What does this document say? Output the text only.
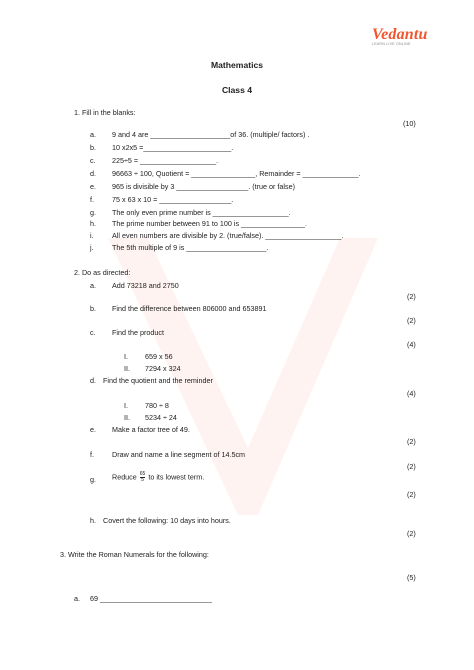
Vedantu
LEARN LIVE ONLINE
Mathematics
Class 4
1. Fill in the blanks:
(10)
a. 9 and 4 are ____________________of 36. (multiple/ factors) .
b. 10 x2x5 =______________________.
c. 225÷5 = ___________________.
d. 96663 ÷ 100, Quotient = ________________, Remainder = ______________.
e. 965 is divisible by 3 __________________. (true or false)
f.	75 x 63 x 10 = __________________.
g. The only even prime number is ___________________.
h. The prime number between 91 to 100 is ________________.
i.	All even numbers are divisible by 2. (true/false). ___________________.
j.	The 5th multiple of 9 is ____________________.
2. Do as directed:
a. Add 73218 and 2750
(2)
b. Find the difference between 806000 and 653891
(2)
c. Find the product
(4)
I. 659 x 56
II. 7294 x 324
d. Find the quotient and the reminder
(4)
I. 780 ÷ 8
II. 5234 ÷ 24
e. Make a factor tree of 49.
(2)
f.	Draw and name a line segment of 14.5cm
(2)
g. Reduce $\frac{65}{5}$ to its lowest term.
(2)
h. Covert the following: 10 days into hours.
(2)
3. Write the Roman Numerals for the following:
(5)
a. 69 ____________________________
